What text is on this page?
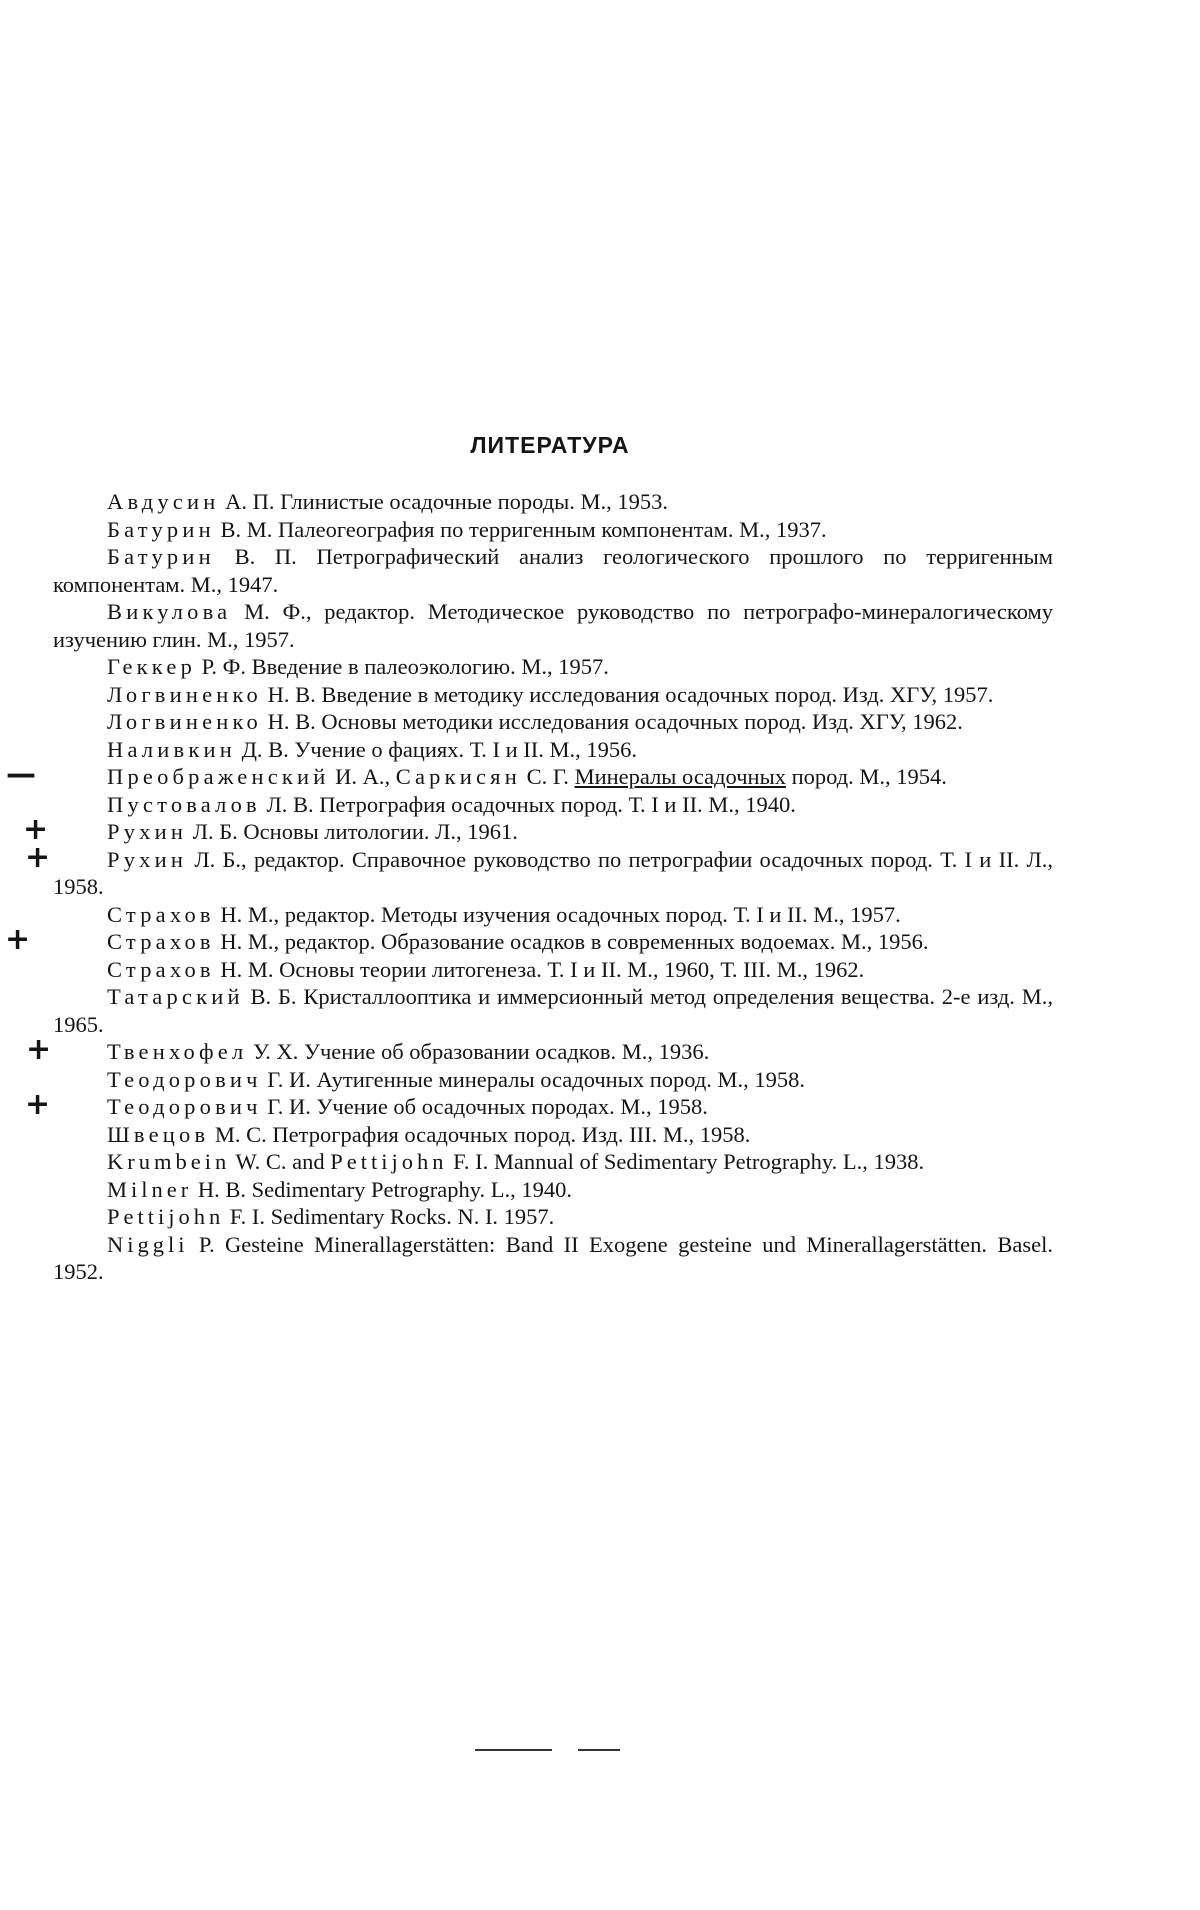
ЛИТЕРАТУРА

Авдусин А. П. Глинистые осадочные породы. М., 1953.

Батурин В. М. Палеогеография по терригенным компонентам. М., 1937.

Батурин В. П. Петрографический анализ геологического прошлого по терригенным компонентам. М., 1947.

Викулова М. Ф., редактор. Методическое руководство по петрографо-минералогическому изучению глин. М., 1957.

Геккер Р. Ф. Введение в палеоэкологию. М., 1957.

Логвиненко Н. В. Введение в методику исследования осадочных пород. Изд. ХГУ, 1957.

Логвиненко Н. В. Основы методики исследования осадочных пород. Изд. ХГУ, 1962.

Наливкин Д. В. Учение о фациях. Т. I и II. М., 1956.

—	Преображенский И. А., Саркисян С. Г. Минералы осадочных пород. М., 1954.

Пустовалов Л. В. Петрография осадочных пород. Т. I и II. М., 1940.

+	Рухин Л. Б. Основы литологии. Л., 1961.

+	Рухин Л. Б., редактор. Справочное руководство по петрографии осадочных пород. Т. I и II. Л., 1958.

Страхов Н. М., редактор. Методы изучения осадочных пород. Т. I и II. М., 1957.

+	Страхов Н. М., редактор. Образование осадков в современных водоемах. М., 1956.

Страхов Н. М. Основы теории литогенеза. Т. I и II. М., 1960, Т. III. М., 1962.

Татарский В. Б. Кристаллооптика и иммерсионный метод определения вещества. 2-е изд. М., 1965.

+ Твенхофел У. Х. Учение об образовании осадков. М., 1936.

Теодорович Г. И. Аутигенные минералы осадочных пород. М., 1958.

+	Теодорович Г. И. Учение об осадочных породах. М., 1958.

Швецов М. С. Петрография осадочных пород. Изд. III. М., 1958.

Krumbein W. C. and Pettijohn F. I. Mannual of Sedimentary Petrography. L., 1938.

Milner H. B. Sedimentary Petrography. L., 1940.

Pettijohn F. I. Sedimentary Rocks. N. I. 1957.

Niggli P. Gesteine Minerallagerstätten: Band II Exogene gesteine und Minerallagerstätten. Basel. 1952.
